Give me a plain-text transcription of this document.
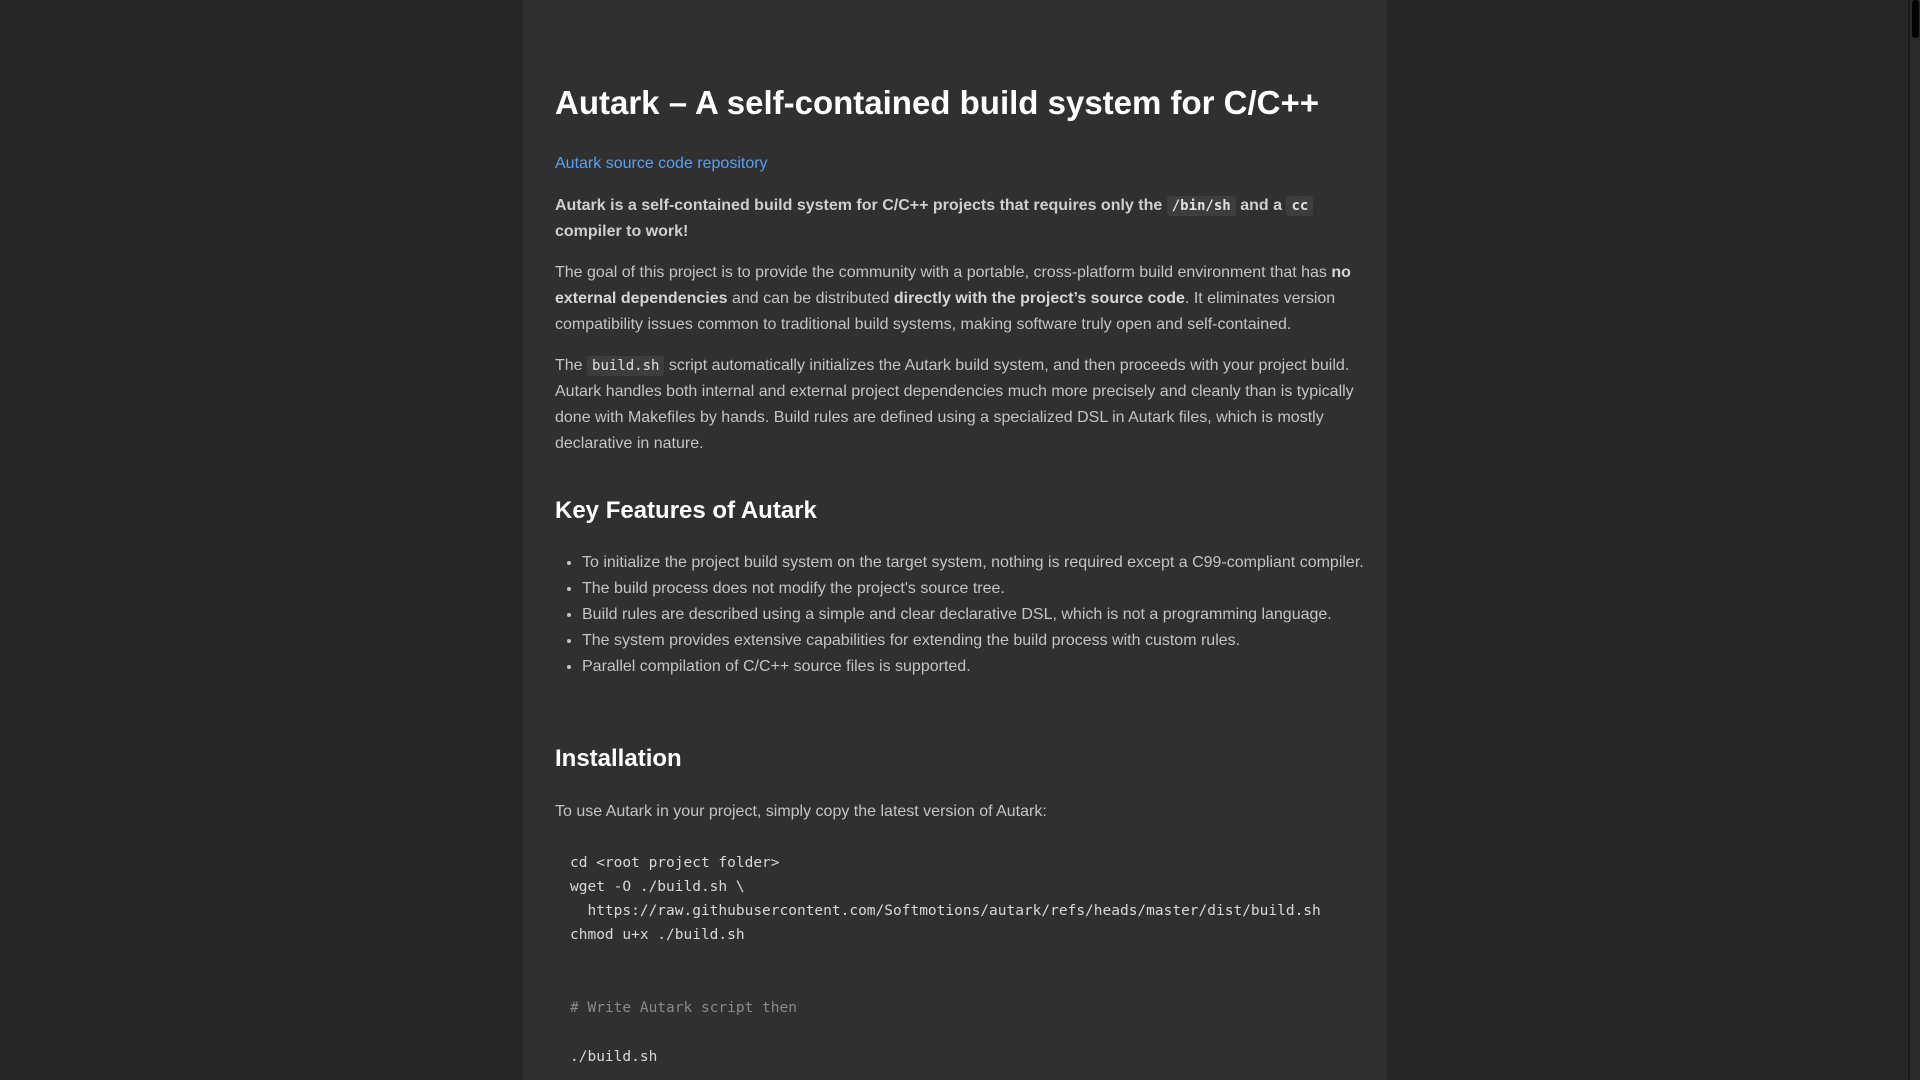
Autark – A self-contained build system for C/C++
Autark source code repository

Autark is a self-contained build system for C/C++ projects that requires only the /bin/sh and a cc compiler to work!

The goal of this project is to provide the community with a portable, cross-platform build environment that has no external dependencies and can be distributed directly with the project’s source code. It eliminates version compatibility issues common to traditional build systems, making software truly open and self-contained.

The build.sh script automatically initializes the Autark build system, and then proceeds with your project build. Autark handles both internal and external project dependencies much more precisely and cleanly than is typically done with Makefiles by hands. Build rules are defined using a specialized DSL in Autark files, which is mostly declarative in nature.

Key Features of Autark
• To initialize the project build system on the target system, nothing is required except a C99-compliant compiler.
• The build process does not modify the project's source tree.
• Build rules are described using a simple and clear declarative DSL, which is not a programming language.
• The system provides extensive capabilities for extending the build process with custom rules.
• Parallel compilation of C/C++ source files is supported.
Installation

To use Autark in your project, simply copy the latest version of Autark:

cd <root project folder>
wget -O ./build.sh \
https://raw.githubusercontent.com/Softmotions/autark/refs/heads/master/dist/build.sh
chmod u+x ./build.sh
# Write Autark script then
./build.sh
